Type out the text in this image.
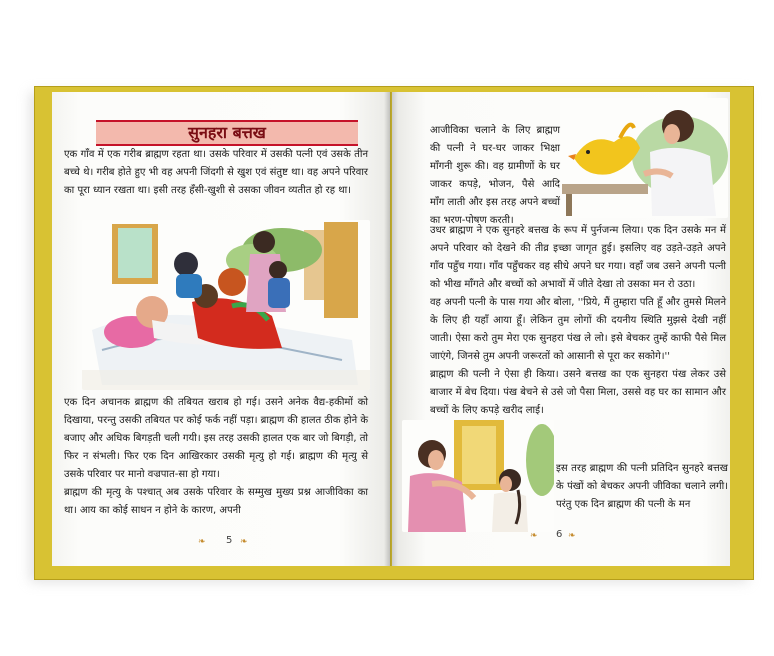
सुनहरा बत्तख

एक गाँव में एक गरीब ब्राह्मण रहता था। उसके परिवार में उसकी पत्नी एवं उसके तीन बच्चे थे। गरीब होते हुए भी वह अपनी जिंदगी से खुश एवं संतुष्ट था। वह अपने परिवार का पूरा ध्यान रखता था। इसी तरह हँसी-खुशी से उसका जीवन व्यतीत हो रह था।

एक दिन अचानक ब्राह्मण की तबियत खराब हो गई। उसने अनेक वैद्य-हकीमों को दिखाया, परन्तु उसकी तबियत पर कोई फर्क नहीं पड़ा। ब्राह्मण की हालत ठीक होने के बजाए और अधिक बिगड़ती चली गयी। इस तरह उसकी हालत एक बार जो बिगड़ी, तो फिर न संभली। फिर एक दिन आखिरकार उसकी मृत्यु हो गई। ब्राह्मण की मृत्यु से उसके परिवार पर मानो वज्रपात-सा हो गया।

ब्राह्मण की मृत्यु के पश्चात् अब उसके परिवार के सम्मुख मुख्य प्रश्न आजीविका का था। आय का कोई साधन न होने के कारण, अपनी

❧ 5 ❧

आजीविका चलाने के लिए ब्राह्मण की पत्नी ने घर-घर जाकर भिक्षा माँगनी शुरू की। वह ग्रामीणों के घर जाकर कपड़े, भोजन, पैसे आदि माँग लाती और इस तरह अपने बच्चों का भरण-पोषण करती।

उधर ब्राह्मण ने एक सुनहरे बत्तख के रूप में पुर्नजन्म लिया। एक दिन उसके मन में अपने परिवार को देखने की तीव्र इच्छा जागृत हुई। इसलिए वह उड़ते-उड़ते अपने गाँव पहुँच गया। गाँव पहुँचकर वह सीधे अपने घर गया। वहाँ जब उसने अपनी पत्नी को भीख माँगते और बच्चों को अभावों में जीते देखा तो उसका मन रो उठा।

वह अपनी पत्नी के पास गया और बोला, ''प्रिये, मैं तुम्हारा पति हूँ और तुमसे मिलने के लिए ही यहाँ आया हूँ। लेकिन तुम लोगों की दयनीय स्थिति मुझसे देखी नहीं जाती। ऐसा करो तुम मेरा एक सुनहरा पंख ले लो। इसे बेचकर तुम्हें काफी पैसे मिल जाएंगे, जिनसे तुम अपनी जरूरतों को आसानी से पूरा कर सकोगे।''

ब्राह्मण की पत्नी ने ऐसा ही किया। उसने बत्तख का एक सुनहरा पंख लेकर उसे बाजार में बेच दिया। पंख बेचने से उसे जो पैसा मिला, उससे वह घर का सामान और बच्चों के लिए कपड़े खरीद लाई।

इस तरह ब्राह्मण की पत्नी प्रतिदिन सुनहरे बत्तख के पंखों को बेचकर अपनी जीविका चलाने लगी। परंतु एक दिन ब्राह्मण की पत्नी के मन

❧ 6 ❧
